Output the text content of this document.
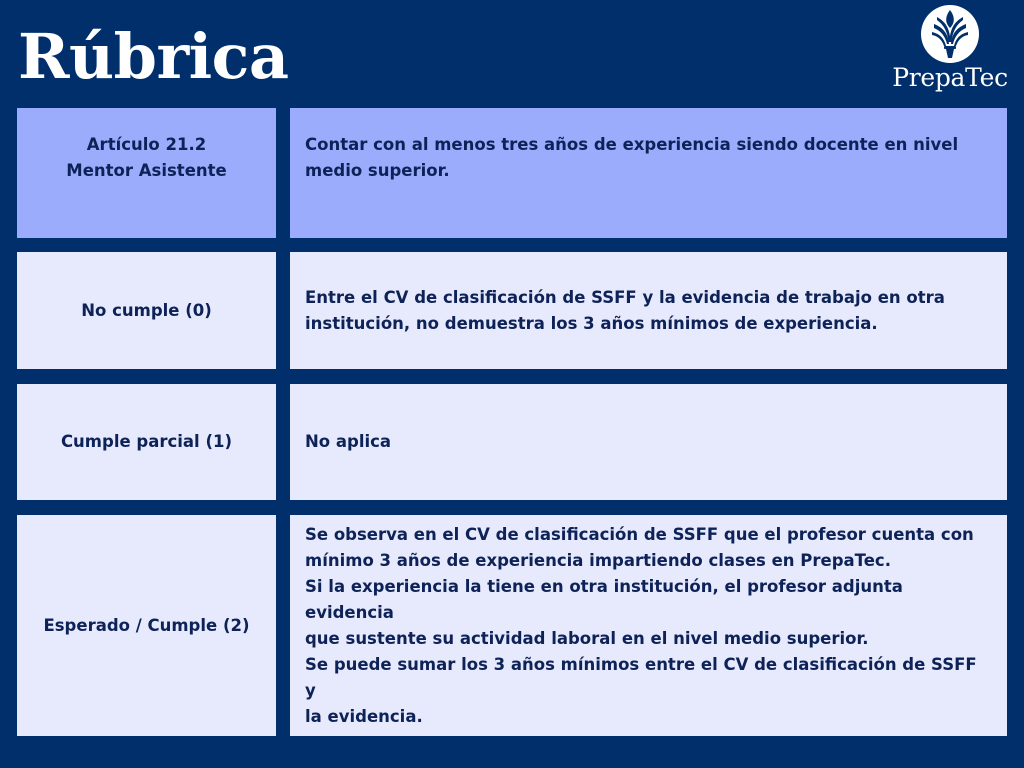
Rúbrica	PrepaTec
Artículo 21.2
Mentor Asistente
Contar con al menos tres años de experiencia siendo docente en nivel
medio superior.
No cumple (0)
Entre el CV de clasificación de SSFF y la evidencia de trabajo en otra
institución, no demuestra los 3 años mínimos de experiencia.
Cumple parcial (1)	No aplica
Esperado / Cumple (2)
Se observa en el CV de clasificación de SSFF que el profesor cuenta con
mínimo 3 años de experiencia impartiendo clases en PrepaTec.
Si la experiencia la tiene en otra institución, el profesor adjunta evidencia
que sustente su actividad laboral en el nivel medio superior.
Se puede sumar los 3 años mínimos entre el CV de clasificación de SSFF y
la evidencia.
